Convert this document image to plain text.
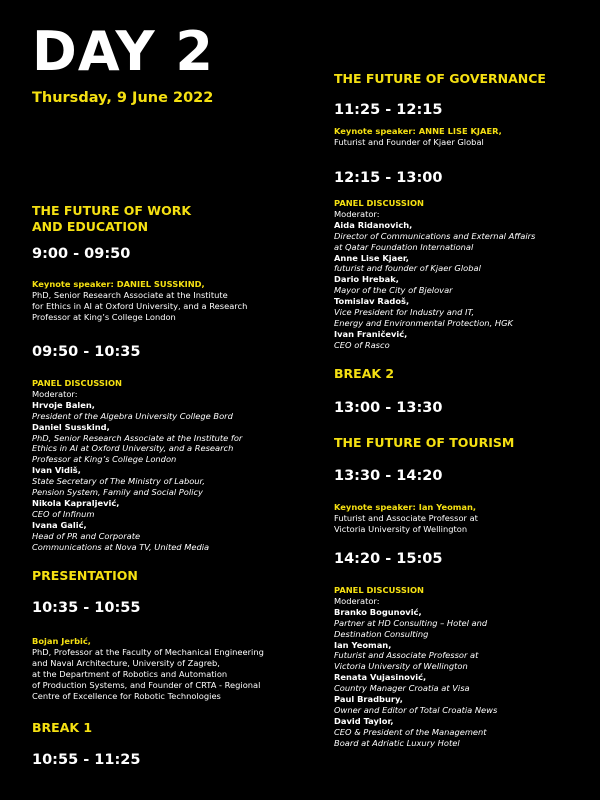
DAY 2
Thursday, 9 June 2022
THE FUTURE OF WORK
AND EDUCATION
9:00 - 09:50
Keynote speaker: DANIEL SUSSKIND,
PhD, Senior Research Associate at the Institute
for Ethics in AI at Oxford University, and a Research
Professor at King’s College London
09:50 - 10:35
PANEL DISCUSSION
Moderator:
Hrvoje Balen,
President of the Algebra University College Bord
Daniel Susskind,
PhD, Senior Research Associate at the Institute for
Ethics in AI at Oxford University, and a Research
Professor at King’s College London
Ivan Vidiš,
State Secretary of The Ministry of Labour,
Pension System, Family and Social Policy
Nikola Kapraljević,
CEO of Infinum
Ivana Galić,
Head of PR and Corporate
Communications at Nova TV, United Media
PRESENTATION
10:35 - 10:55
Bojan Jerbić,
PhD, Professor at the Faculty of Mechanical Engineering
and Naval Architecture, University of Zagreb,
at the Department of Robotics and Automation
of Production Systems, and Founder of CRTA - Regional
Centre of Excellence for Robotic Technologies
BREAK 1
10:55 - 11:25
THE FUTURE OF GOVERNANCE
11:25 - 12:15
Keynote speaker: ANNE LISE KJAER,
Futurist and Founder of Kjaer Global
12:15 - 13:00
PANEL DISCUSSION
Moderator:
Aida Ridanovich,
Director of Communications and External Affairs
at Qatar Foundation International
Anne Lise Kjaer,
futurist and founder of Kjaer Global
Dario Hrebak,
Mayor of the City of Bjelovar
Tomislav Radoš,
Vice President for Industry and IT,
Energy and Environmental Protection, HGK
Ivan Franičević,
CEO of Rasco
BREAK 2
13:00 - 13:30
THE FUTURE OF TOURISM
13:30 - 14:20
Keynote speaker: Ian Yeoman,
Futurist and Associate Professor at
Victoria University of Wellington
14:20 - 15:05
PANEL DISCUSSION
Moderator:
Branko Bogunović,
Partner at HD Consulting – Hotel and
Destination Consulting
Ian Yeoman,
Futurist and Associate Professor at
Victoria University of Wellington
Renata Vujasinović,
Country Manager Croatia at Visa
Paul Bradbury,
Owner and Editor of Total Croatia News
David Taylor,
CEO & President of the Management
Board at Adriatic Luxury Hotel
